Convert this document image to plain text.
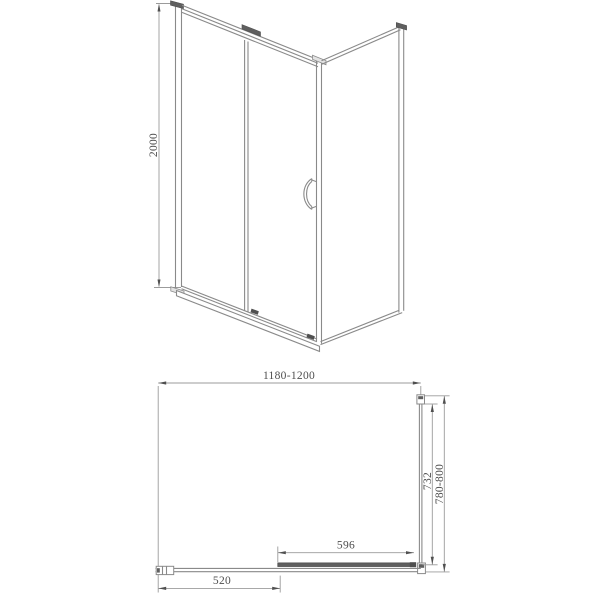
2000
1180-1200
596
520
732 780-800
